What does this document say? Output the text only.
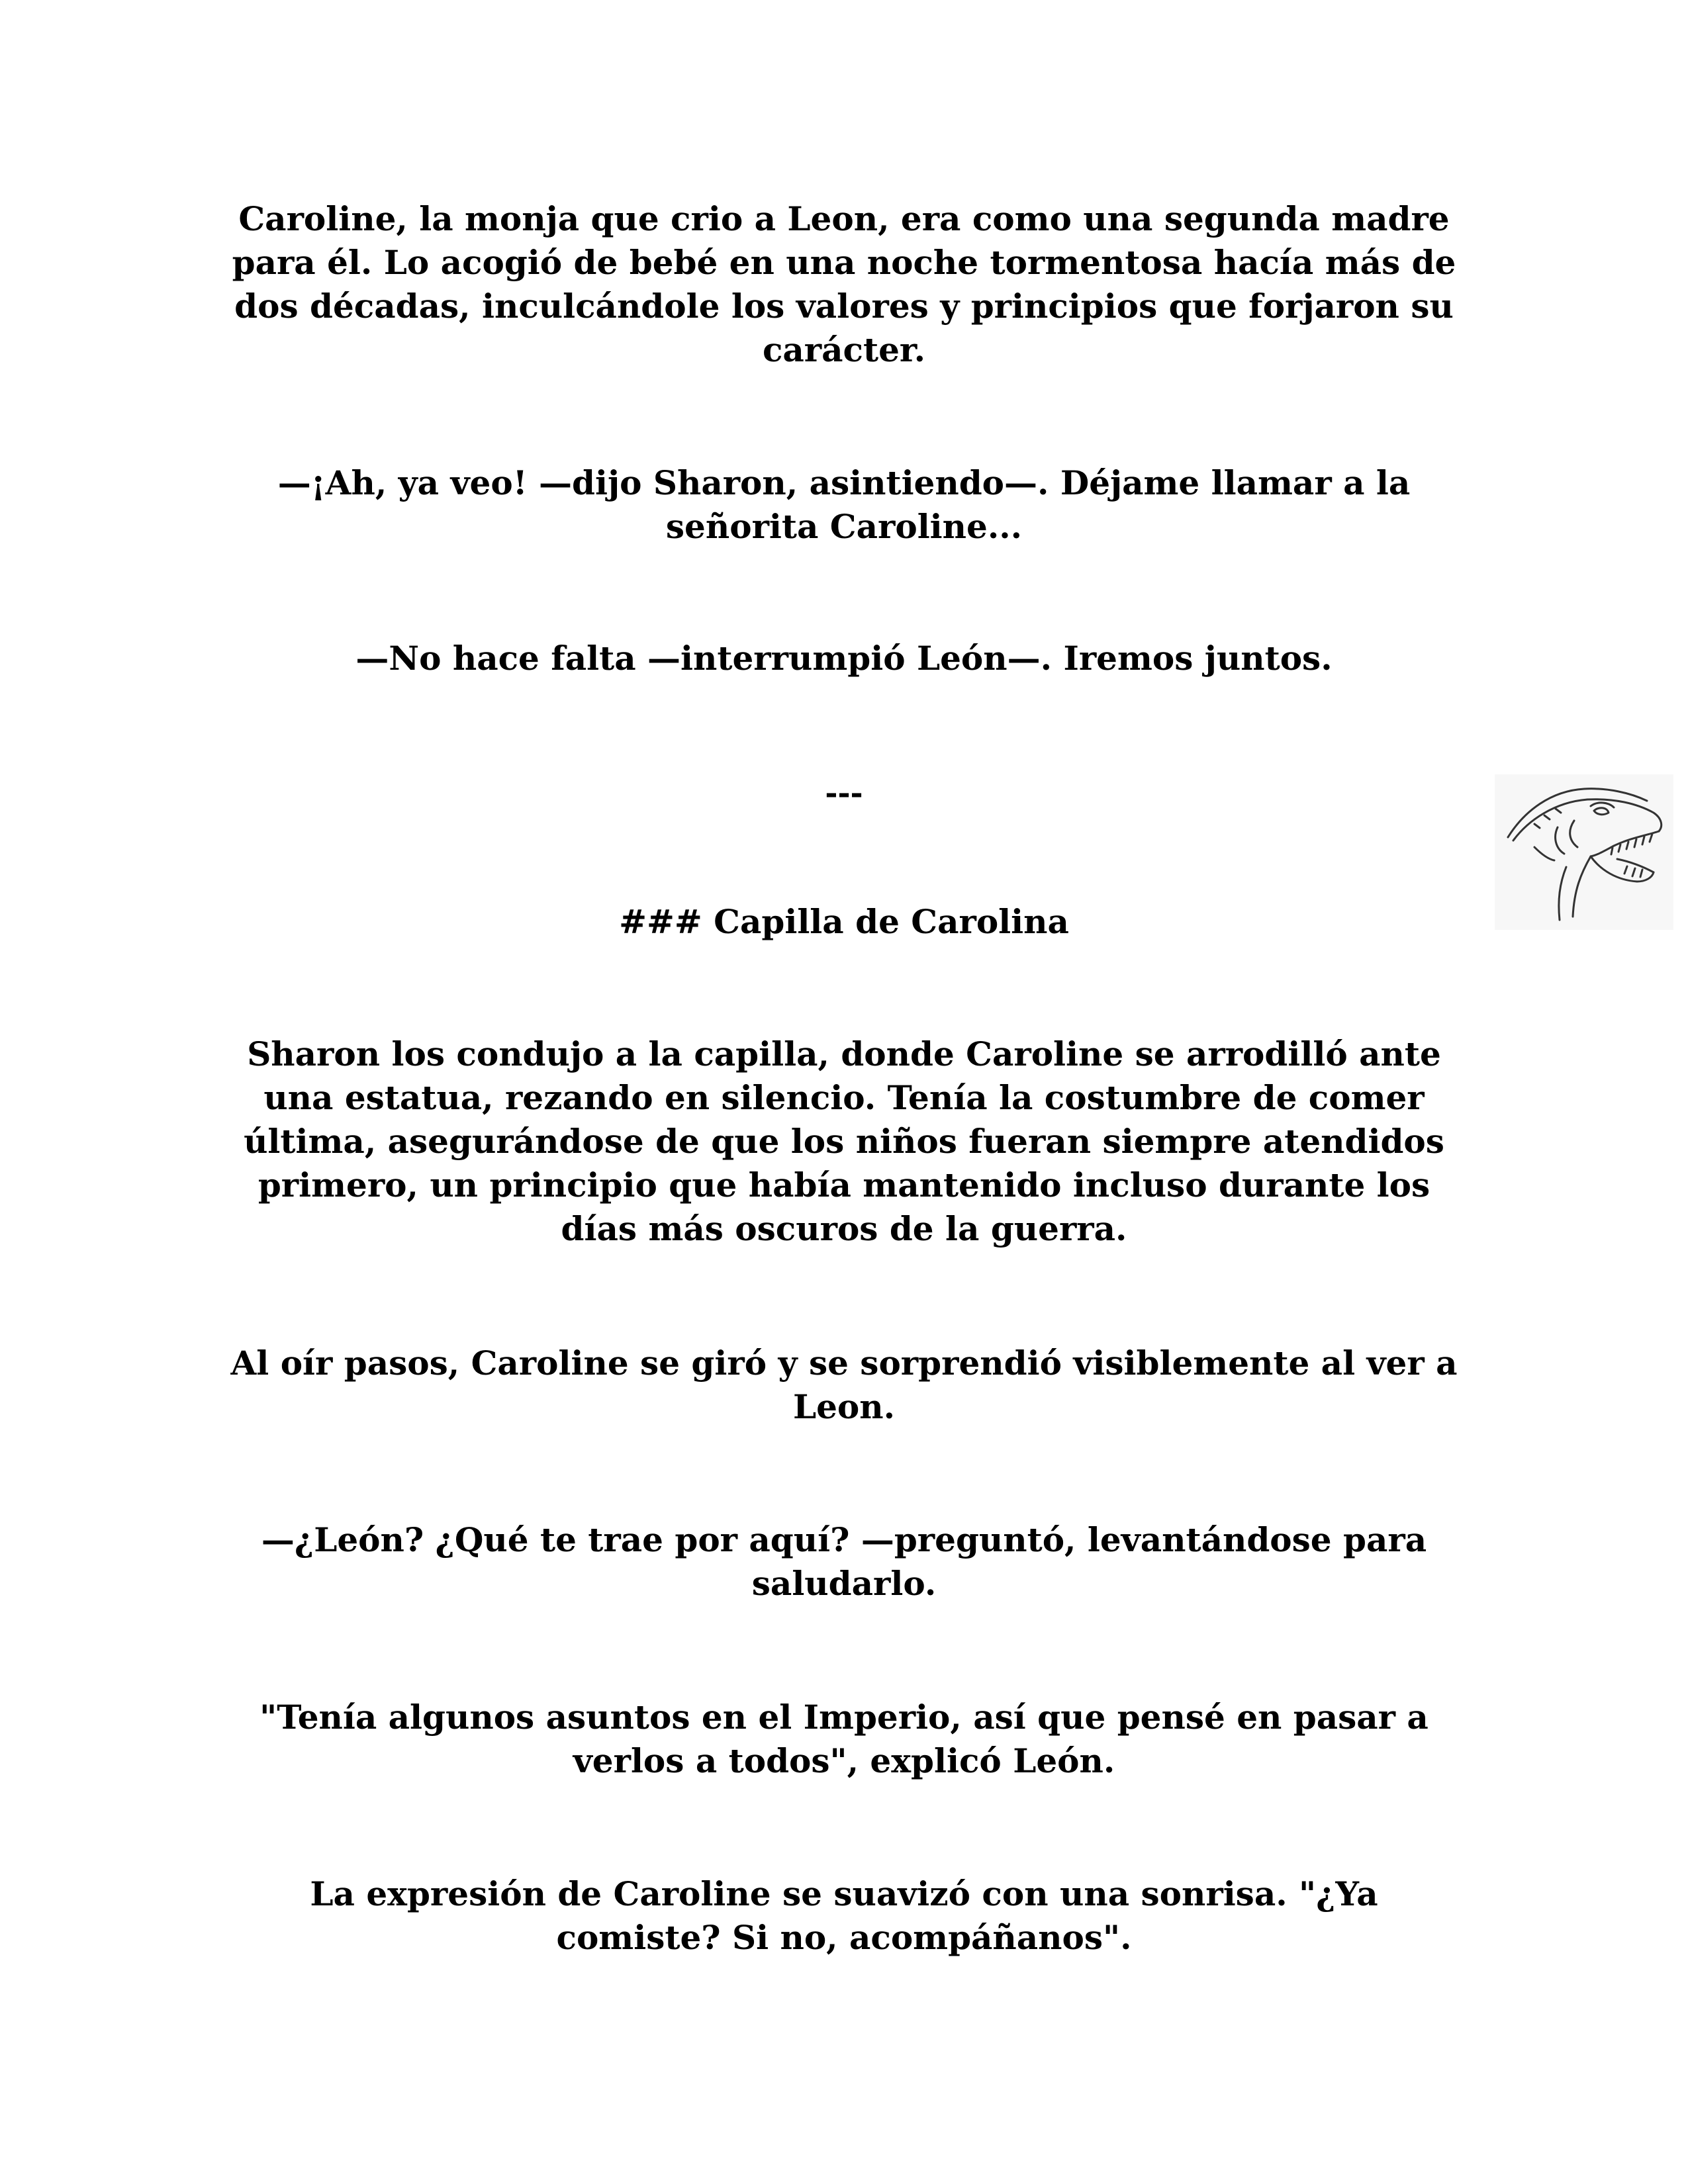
Caroline, la monja que crio a Leon, era como una segunda madre para él. Lo acogió de bebé en una noche tormentosa hacía más de dos décadas, inculcándole los valores y principios que forjaron su carácter.

—¡Ah, ya veo! —dijo Sharon, asintiendo—. Déjame llamar a la señorita Caroline...

—No hace falta —interrumpió León—. Iremos juntos.

---

### Capilla de Carolina

Sharon los condujo a la capilla, donde Caroline se arrodilló ante una estatua, rezando en silencio. Tenía la costumbre de comer última, asegurándose de que los niños fueran siempre atendidos primero, un principio que había mantenido incluso durante los días más oscuros de la guerra.

Al oír pasos, Caroline se giró y se sorprendió visiblemente al ver a Leon.

—¿León? ¿Qué te trae por aquí? —preguntó, levantándose para saludarlo.

"Tenía algunos asuntos en el Imperio, así que pensé en pasar a verlos a todos", explicó León.

La expresión de Caroline se suavizó con una sonrisa. "¿Ya comiste? Si no, acompáñanos".
